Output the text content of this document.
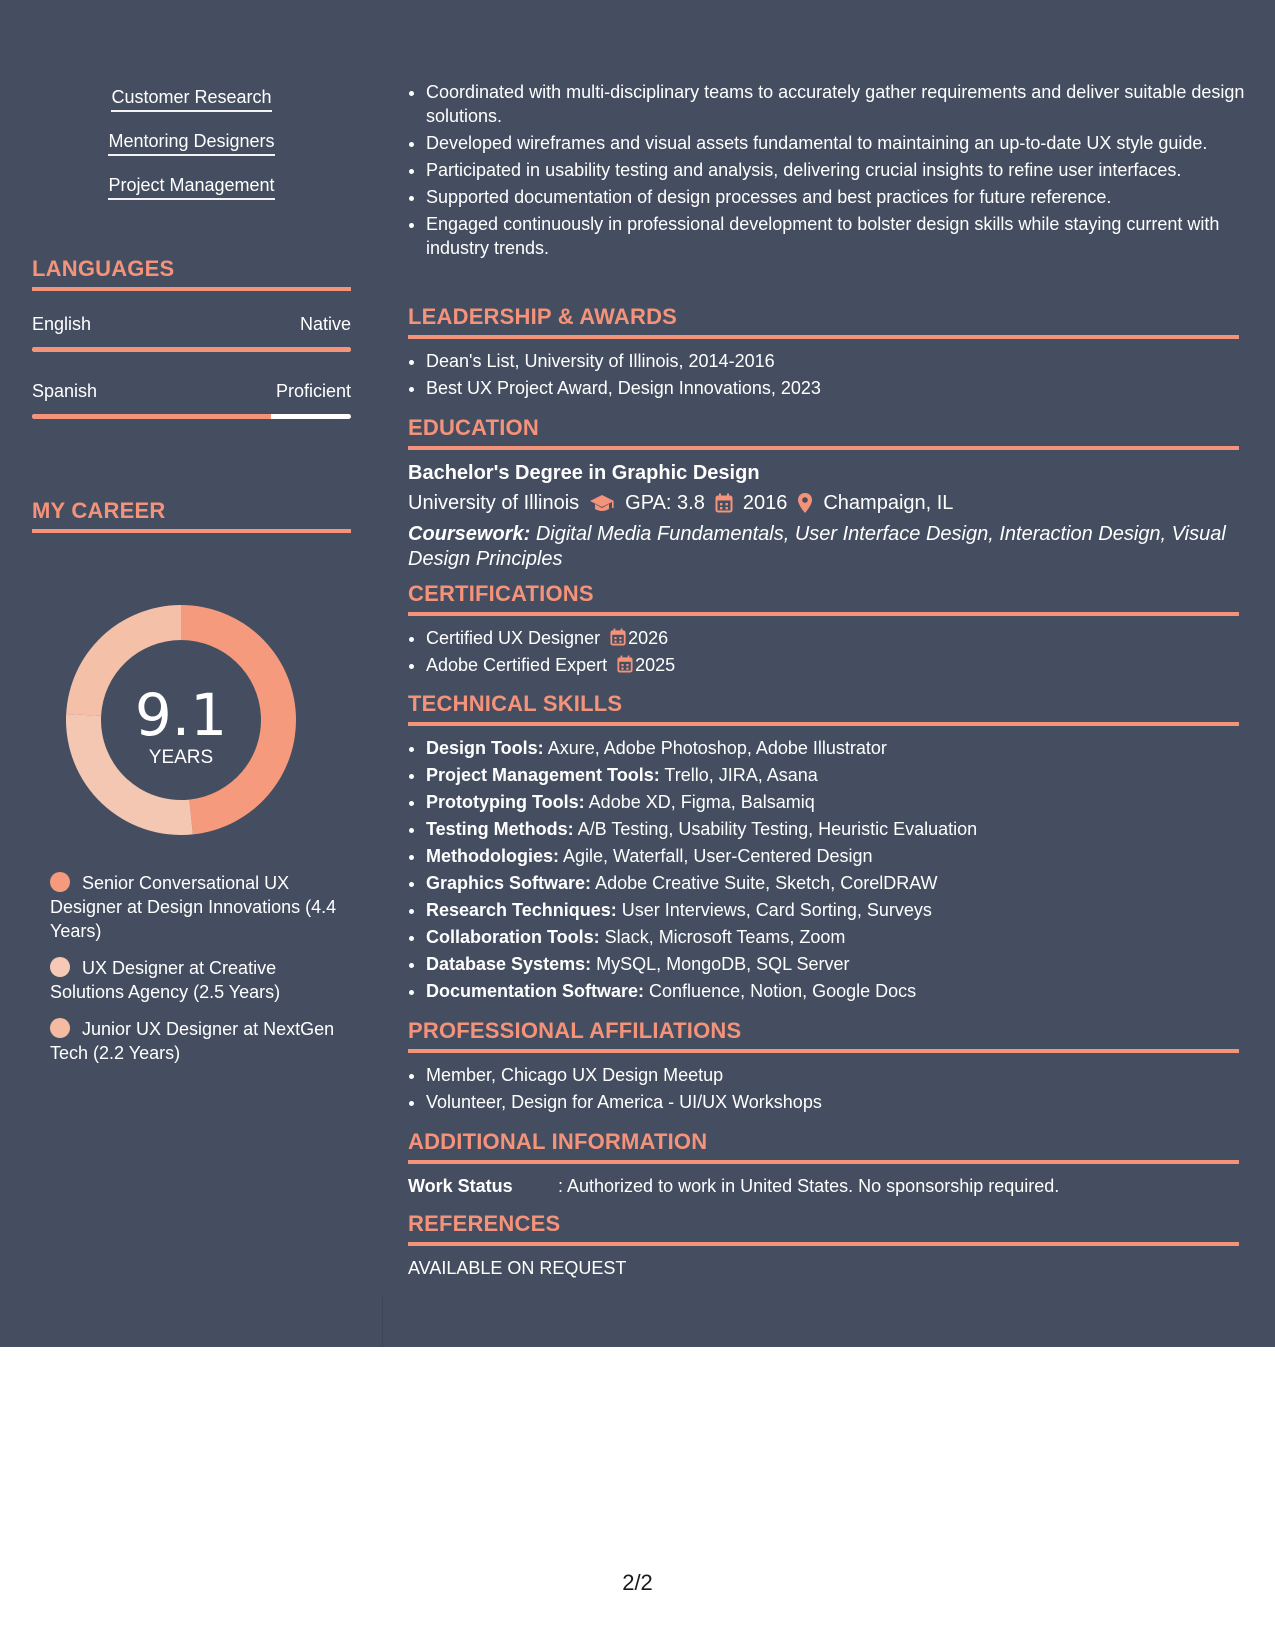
Customer Research
Mentoring Designers
Project Management
LANGUAGES
English	Native
Spanish	Proficient
MY CAREER
9.1
YEARS
Senior Conversational UX Designer at Design Innovations (4.4 Years)
UX Designer at Creative Solutions Agency (2.5 Years)
Junior UX Designer at NextGen Tech (2.2 Years)
• Coordinated with multi-disciplinary teams to accurately gather requirements and deliver suitable design solutions.
• Developed wireframes and visual assets fundamental to maintaining an up-to-date UX style guide.
• Participated in usability testing and analysis, delivering crucial insights to refine user interfaces.
• Supported documentation of design processes and best practices for future reference.
• Engaged continuously in professional development to bolster design skills while staying current with industry trends.
LEADERSHIP & AWARDS
• Dean's List, University of Illinois, 2014-2016
• Best UX Project Award, Design Innovations, 2023
EDUCATION
Bachelor's Degree in Graphic Design
University of Illinois GPA: 3.8 2016 Champaign, IL
Coursework: Digital Media Fundamentals, User Interface Design, Interaction Design, Visual Design Principles
CERTIFICATIONS
• Certified UX Designer 2026
• Adobe Certified Expert 2025
TECHNICAL SKILLS
• Design Tools: Axure, Adobe Photoshop, Adobe Illustrator
• Project Management Tools: Trello, JIRA, Asana
• Prototyping Tools: Adobe XD, Figma, Balsamiq
• Testing Methods: A/B Testing, Usability Testing, Heuristic Evaluation
• Methodologies: Agile, Waterfall, User-Centered Design
• Graphics Software: Adobe Creative Suite, Sketch, CorelDRAW
• Research Techniques: User Interviews, Card Sorting, Surveys
• Collaboration Tools: Slack, Microsoft Teams, Zoom
• Database Systems: MySQL, MongoDB, SQL Server
• Documentation Software: Confluence, Notion, Google Docs
PROFESSIONAL AFFILIATIONS
• Member, Chicago UX Design Meetup
• Volunteer, Design for America - UI/UX Workshops
ADDITIONAL INFORMATION
Work Status	: Authorized to work in United States. No sponsorship required.
REFERENCES
AVAILABLE ON REQUEST
2/2
